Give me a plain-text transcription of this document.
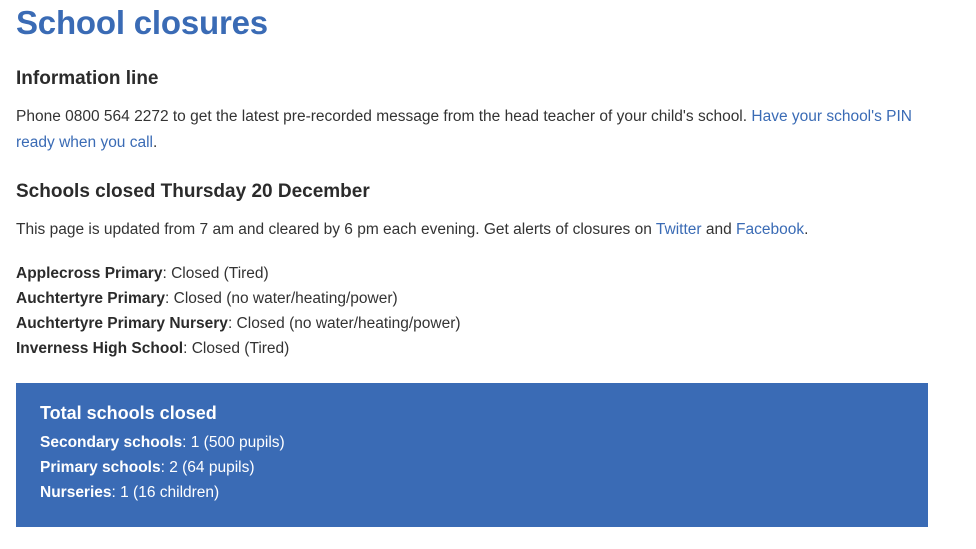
School closures
Information line

Phone 0800 564 2272 to get the latest pre-recorded message from the head teacher of your child's school. Have your school's PIN ready when you call.

Schools closed Thursday 20 December

This page is updated from 7 am and cleared by 6 pm each evening. Get alerts of closures on Twitter and Facebook.

Applecross Primary: Closed (Tired)
Auchtertyre Primary: Closed (no water/heating/power)
Auchtertyre Primary Nursery: Closed (no water/heating/power)
Inverness High School: Closed (Tired)
Total schools closed
Secondary schools: 1 (500 pupils)
Primary schools: 2 (64 pupils)
Nurseries: 1 (16 children)
